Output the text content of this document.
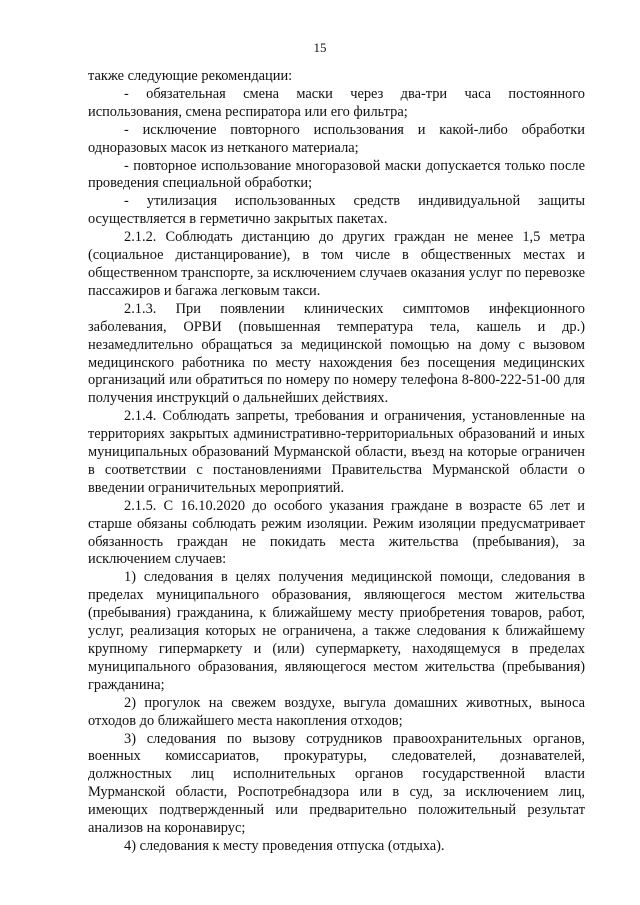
15

также следующие рекомендации:

- обязательная смена маски через два-три часа постоянного использования, смена респиратора или его фильтра;

- исключение повторного использования и какой-либо обработки одноразовых масок из нетканого материала;

- повторное использование многоразовой маски допускается только после проведения специальной обработки;

- утилизация использованных средств индивидуальной защиты осуществляется в герметично закрытых пакетах.

2.1.2. Соблюдать дистанцию до других граждан не менее 1,5 метра (социальное дистанцирование), в том числе в общественных местах и общественном транспорте, за исключением случаев оказания услуг по перевозке пассажиров и багажа легковым такси.

2.1.3. При появлении клинических симптомов инфекционного заболевания, ОРВИ (повышенная температура тела, кашель и др.) незамедлительно обращаться за медицинской помощью на дому с вызовом медицинского работника по месту нахождения без посещения медицинских организаций или обратиться по номеру по номеру телефона 8-800-222-51-00 для получения инструкций о дальнейших действиях.

2.1.4. Соблюдать запреты, требования и ограничения, установленные на территориях закрытых административно-территориальных образований и иных муниципальных образований Мурманской области, въезд на которые ограничен в соответствии с постановлениями Правительства Мурманской области о введении ограничительных мероприятий.

2.1.5. С 16.10.2020 до особого указания граждане в возрасте 65 лет и старше обязаны соблюдать режим изоляции. Режим изоляции предусматривает обязанность граждан не покидать места жительства (пребывания), за исключением случаев:

1) следования в целях получения медицинской помощи, следования в пределах муниципального образования, являющегося местом жительства (пребывания) гражданина, к ближайшему месту приобретения товаров, работ, услуг, реализация которых не ограничена, а также следования к ближайшему крупному гипермаркету и (или) супермаркету, находящемуся в пределах муниципального образования, являющегося местом жительства (пребывания) гражданина;

2) прогулок на свежем воздухе, выгула домашних животных, выноса отходов до ближайшего места накопления отходов;

3) следования по вызову сотрудников правоохранительных органов, военных комиссариатов, прокуратуры, следователей, дознавателей, должностных лиц исполнительных органов государственной власти Мурманской области, Роспотребнадзора или в суд, за исключением лиц, имеющих подтвержденный или предварительно положительный результат анализов на коронавирус;

4) следования к месту проведения отпуска (отдыха).
